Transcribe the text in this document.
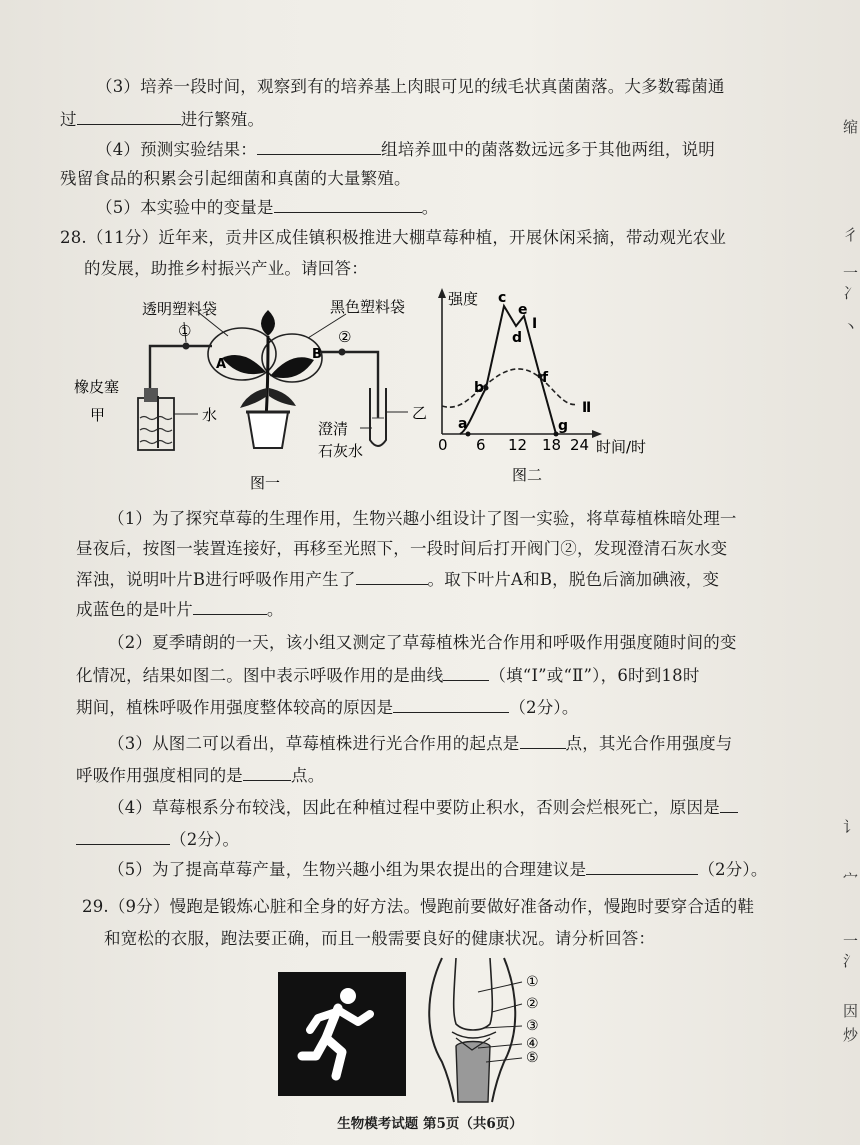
（3）培养一段时间，观察到有的培养基上肉眼可见的绒毛状真菌菌落。大多数霉菌通
过	进行繁殖。
（4）预测实验结果：	组培养皿中的菌落数远远多于其他两组，说明
残留食品的积累会引起细菌和真菌的大量繁殖。
（5）本实验中的变量是	。
28.（11分）近年来，贡井区成佳镇积极推进大棚草莓种植，开展休闲采摘，带动观光农业
的发展，助推乡村振兴产业。请回答：
透明塑料袋	黑色塑料袋
①	②
A
B
橡皮塞
甲	水	乙
澄清
石灰水
图一
0 6 12 18 24 时间/时
强度
a
b
c
d
e
f
g
I
Ⅱ
图二
（1）为了探究草莓的生理作用，生物兴趣小组设计了图一实验，将草莓植株暗处理一
昼夜后，按图一装置连接好，再移至光照下，一段时间后打开阀门②，发现澄清石灰水变
浑浊，说明叶片B进行呼吸作用产生了	。取下叶片A和B，脱色后滴加碘液，变
成蓝色的是叶片	。
（2）夏季晴朗的一天，该小组又测定了草莓植株光合作用和呼吸作用强度随时间的变
化情况，结果如图二。图中表示呼吸作用的是曲线	（填“I”或“Ⅱ”），6时到18时
期间，植株呼吸作用强度整体较高的原因是	（2分）。
（3）从图二可以看出，草莓植株进行光合作用的起点是	点，其光合作用强度与
呼吸作用强度相同的是	点。
（4）草莓根系分布较浅，因此在种植过程中要防止积水，否则会烂根死亡，原因是
（2分）。
（5）为了提高草莓产量，生物兴趣小组为果农提出的合理建议是	（2分）。
29.（9分）慢跑是锻炼心脏和全身的好方法。慢跑前要做好准备动作，慢跑时要穿合适的鞋
和宽松的衣服，跑法要正确，而且一般需要良好的健康状况。请分析回答：
①
②
③
④
⑤
缩
彳
一
冫
丶
讠
宀
一
氵
因
炒
生物模考试题 第5页（共6页）
